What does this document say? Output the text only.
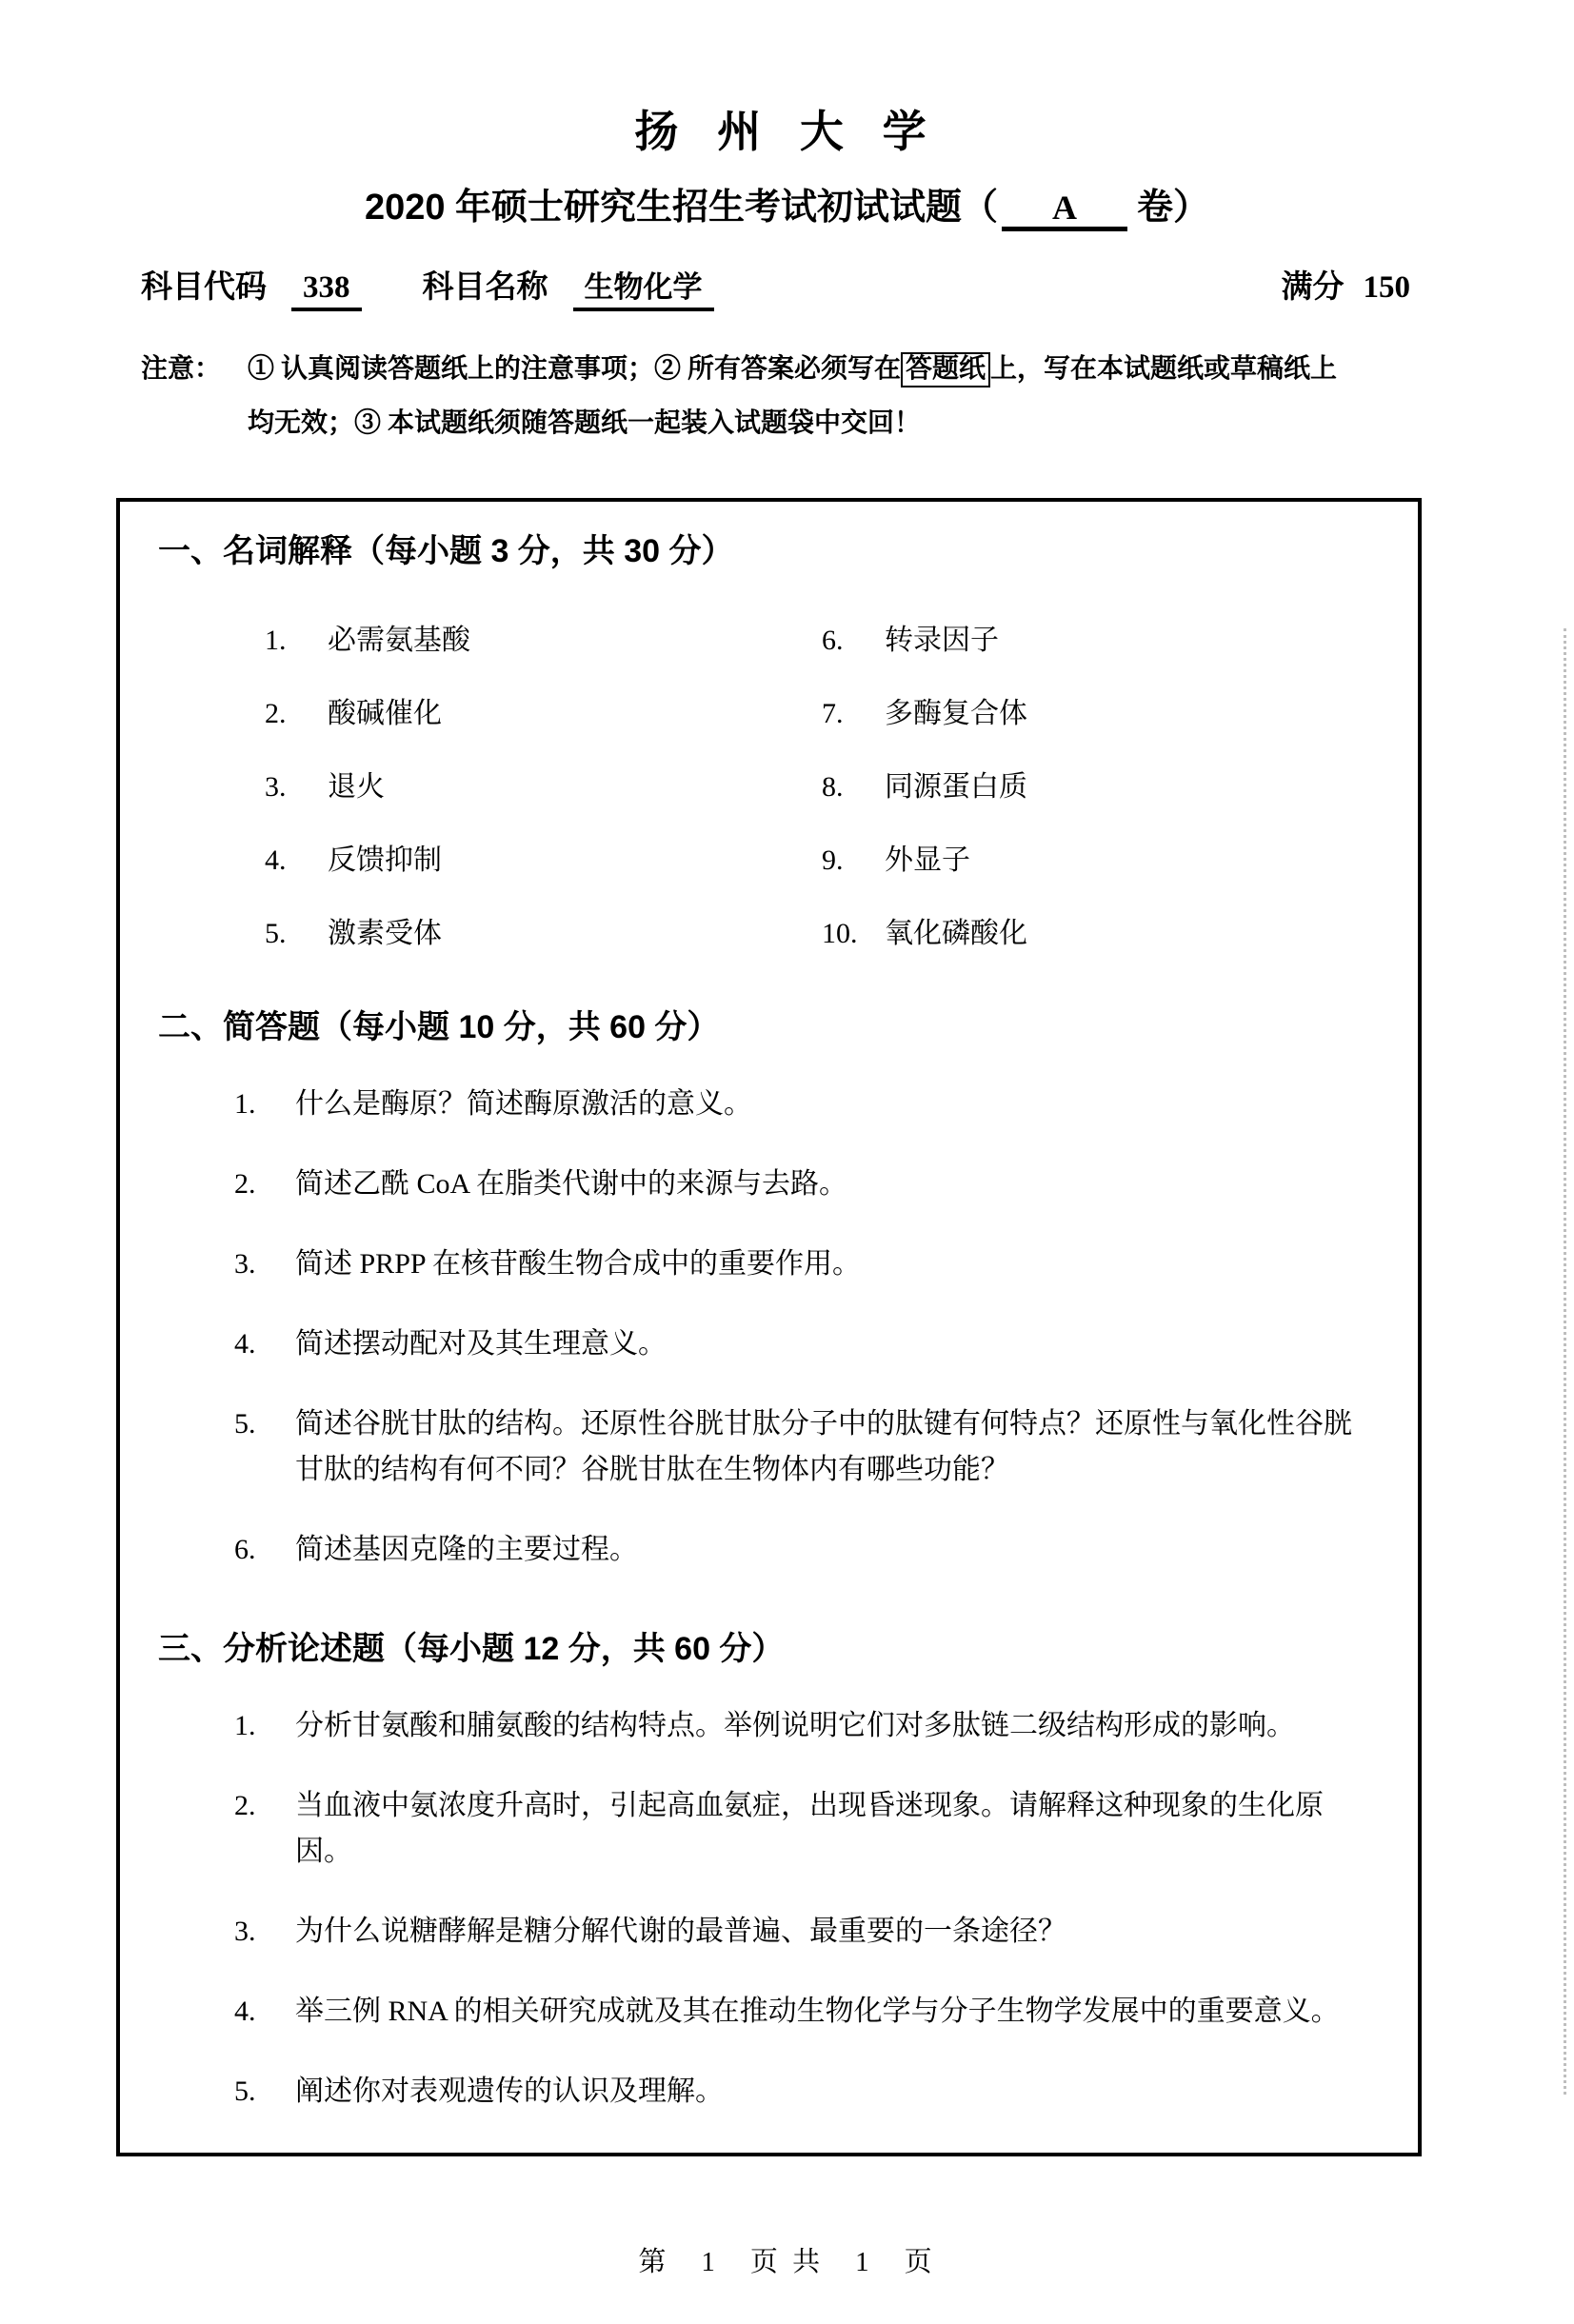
扬 州 大 学
2020 年硕士研究生招生考试初试试题（ A 卷）
科目代码	338	科目名称	生物化学	满分 150
注意： ① 认真阅读答题纸上的注意事项；② 所有答案必须写在 答题纸 上，写在本试题纸或草稿纸上
均无效；③ 本试题纸须随答题纸一起装入试题袋中交回！
一、名词解释（每小题 3 分，共 30 分）
1.	必需氨基酸
2.	酸碱催化
3.	退火
4.	反馈抑制
5.	激素受体
6.	转录因子
7.	多酶复合体
8.	同源蛋白质
9.	外显子
10. 氧化磷酸化
二、简答题（每小题 10 分，共 60 分）
1.	什么是酶原？简述酶原激活的意义。
2.	简述乙酰 CoA 在脂类代谢中的来源与去路。
3.	简述 PRPP 在核苷酸生物合成中的重要作用。
4.	简述摆动配对及其生理意义。
5.	简述谷胱甘肽的结构。还原性谷胱甘肽分子中的肽键有何特点？还原性与氧化性谷胱甘肽的结构有何不同？谷胱甘肽在生物体内有哪些功能？
6.	简述基因克隆的主要过程。
三、分析论述题（每小题 12 分，共 60 分）
1.	分析甘氨酸和脯氨酸的结构特点。举例说明它们对多肽链二级结构形成的影响。
2.	当血液中氨浓度升高时，引起高血氨症，出现昏迷现象。请解释这种现象的生化原因。
3.	为什么说糖酵解是糖分解代谢的最普遍、最重要的一条途径？
4.	举三例 RNA 的相关研究成就及其在推动生物化学与分子生物学发展中的重要意义。
5.	阐述你对表观遗传的认识及理解。
第　1　页 共　1　页
